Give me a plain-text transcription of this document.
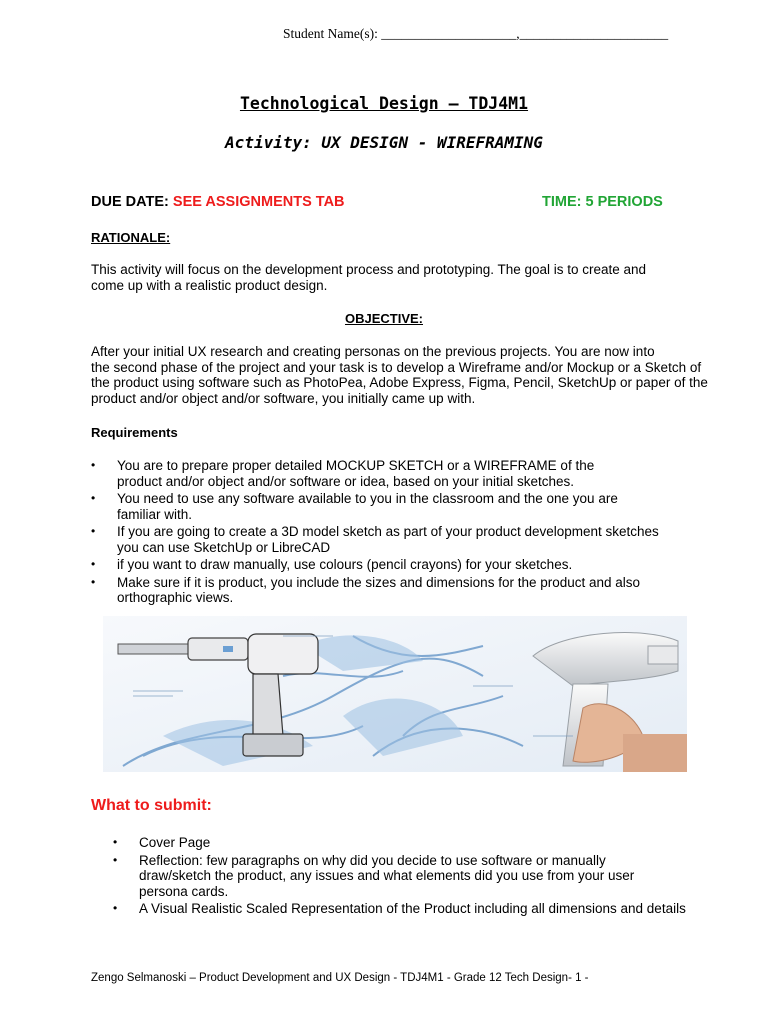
Student Name(s): ____________________,______________________
Technological Design – TDJ4M1
Activity: UX DESIGN - WIREFRAMING
DUE DATE: SEE ASSIGNMENTS TAB	TIME: 5 PERIODS
RATIONALE:
This activity will focus on the development process and prototyping. The goal is to create and
come up with a realistic product design.
OBJECTIVE:
After your initial UX research and creating personas on the previous projects. You are now into
the second phase of the project and your task is to develop a Wireframe and/or Mockup or a Sketch of
the product using software such as PhotoPea, Adobe Express, Figma, Pencil, SketchUp or paper of the
product and/or object and/or software, you initially came up with.
Requirements
• You are to prepare proper detailed MOCKUP SKETCH or a WIREFRAME of the
product and/or object and/or software or idea, based on your initial sketches.
• You need to use any software available to you in the classroom and the one you are
familiar with.
• If you are going to create a 3D model sketch as part of your product development sketches
you can use SketchUp or LibreCAD
• if you want to draw manually, use colours (pencil crayons) for your sketches.
• Make sure if it is product, you include the sizes and dimensions for the product and also
orthographic views.
What to submit:
• Cover Page
• Reflection: few paragraphs on why did you decide to use software or manually
draw/sketch the product, any issues and what elements did you use from your user
persona cards.
• A Visual Realistic Scaled Representation of the Product including all dimensions and details
Zengo Selmanoski – Product Development and UX Design - TDJ4M1 - Grade 12 Tech Design- 1 -
